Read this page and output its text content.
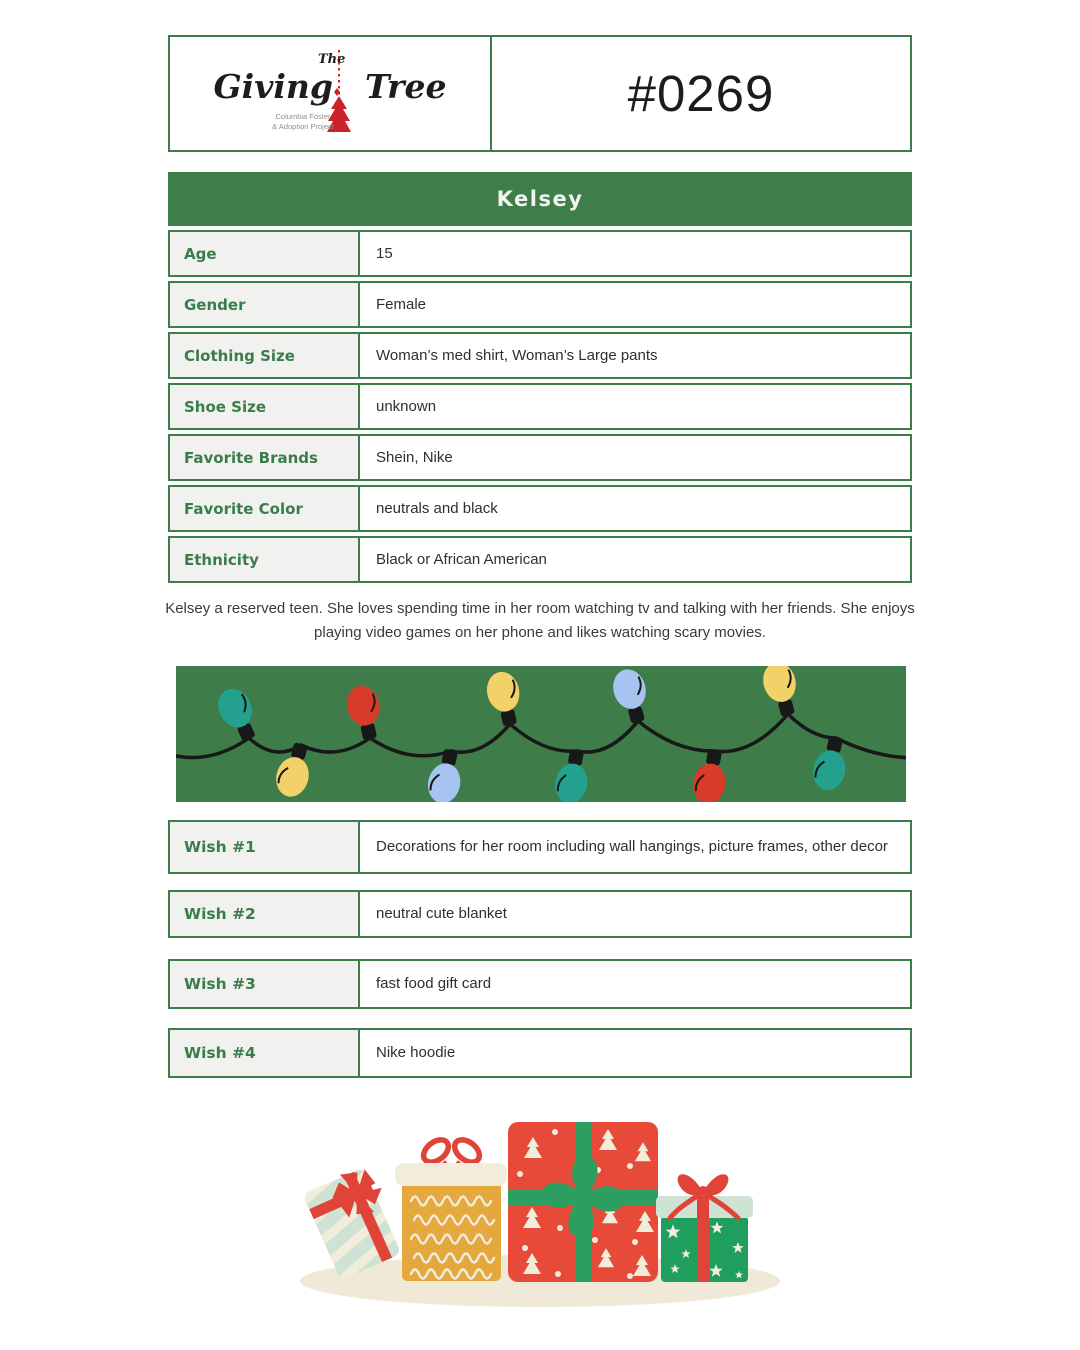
The
Giving Tree
Columbia Foster
& Adoption Project
#0269
Kelsey
Age	15
Gender	Female
Clothing Size	Woman’s med shirt, Woman’s Large pants
Shoe Size	unknown
Favorite Brands	Shein, Nike
Favorite Color	neutrals and black
Ethnicity	Black or African American
Kelsey a reserved teen. She loves spending time in her room watching tv and talking with her friends. She enjoys playing video games on her phone and likes watching scary movies.
Wish #1	Decorations for her room including wall hangings, picture frames, other decor
Wish #2	neutral cute blanket
Wish #3	fast food gift card
Wish #4	Nike hoodie
